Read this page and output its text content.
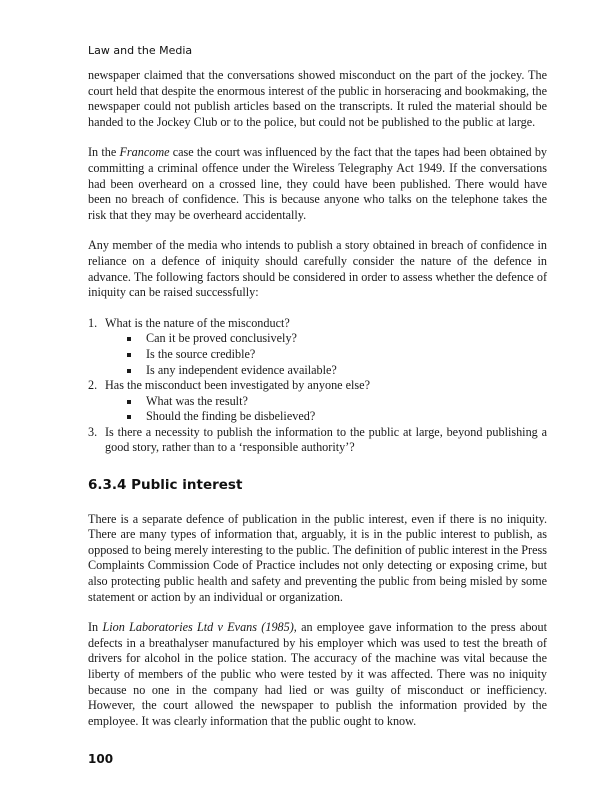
Law and the Media

newspaper claimed that the conversations showed misconduct on the part of the jockey. The court held that despite the enormous interest of the public in horseracing and bookmaking, the newspaper could not publish articles based on the transcripts. It ruled the material should be handed to the Jockey Club or to the police, but could not be published to the public at large.

In the Francome case the court was influenced by the fact that the tapes had been obtained by committing a criminal offence under the Wireless Telegraphy Act 1949. If the conversations had been overheard on a crossed line, they could have been published. There would have been no breach of confidence. This is because anyone who talks on the telephone takes the risk that they may be overheard accidentally.

Any member of the media who intends to publish a story obtained in breach of confidence in reliance on a defence of iniquity should carefully consider the nature of the defence in advance. The following factors should be considered in order to assess whether the defence of iniquity can be raised successfully:

1. What is the nature of the misconduct?
Can it be proved conclusively?
Is the source credible?
Is any independent evidence available?
2. Has the misconduct been investigated by anyone else?
What was the result?
Should the finding be disbelieved?
3. Is there a necessity to publish the information to the public at large, beyond publishing a good story, rather than to a ‘responsible authority’?
6.3.4 Public interest

There is a separate defence of publication in the public interest, even if there is no iniquity. There are many types of information that, arguably, it is in the public interest to publish, as opposed to being merely interesting to the public. The definition of public interest in the Press Complaints Commission Code of Practice includes not only detecting or exposing crime, but also protecting public health and safety and preventing the public from being misled by some statement or action by an individual or organization.

In Lion Laboratories Ltd v Evans (1985), an employee gave information to the press about defects in a breathalyser manufactured by his employer which was used to test the breath of drivers for alcohol in the police station. The accuracy of the machine was vital because the liberty of members of the public who were tested by it was affected. There was no iniquity because no one in the company had lied or was guilty of misconduct or inefficiency. However, the court allowed the newspaper to publish the information provided by the employee. It was clearly information that the public ought to know.

100
